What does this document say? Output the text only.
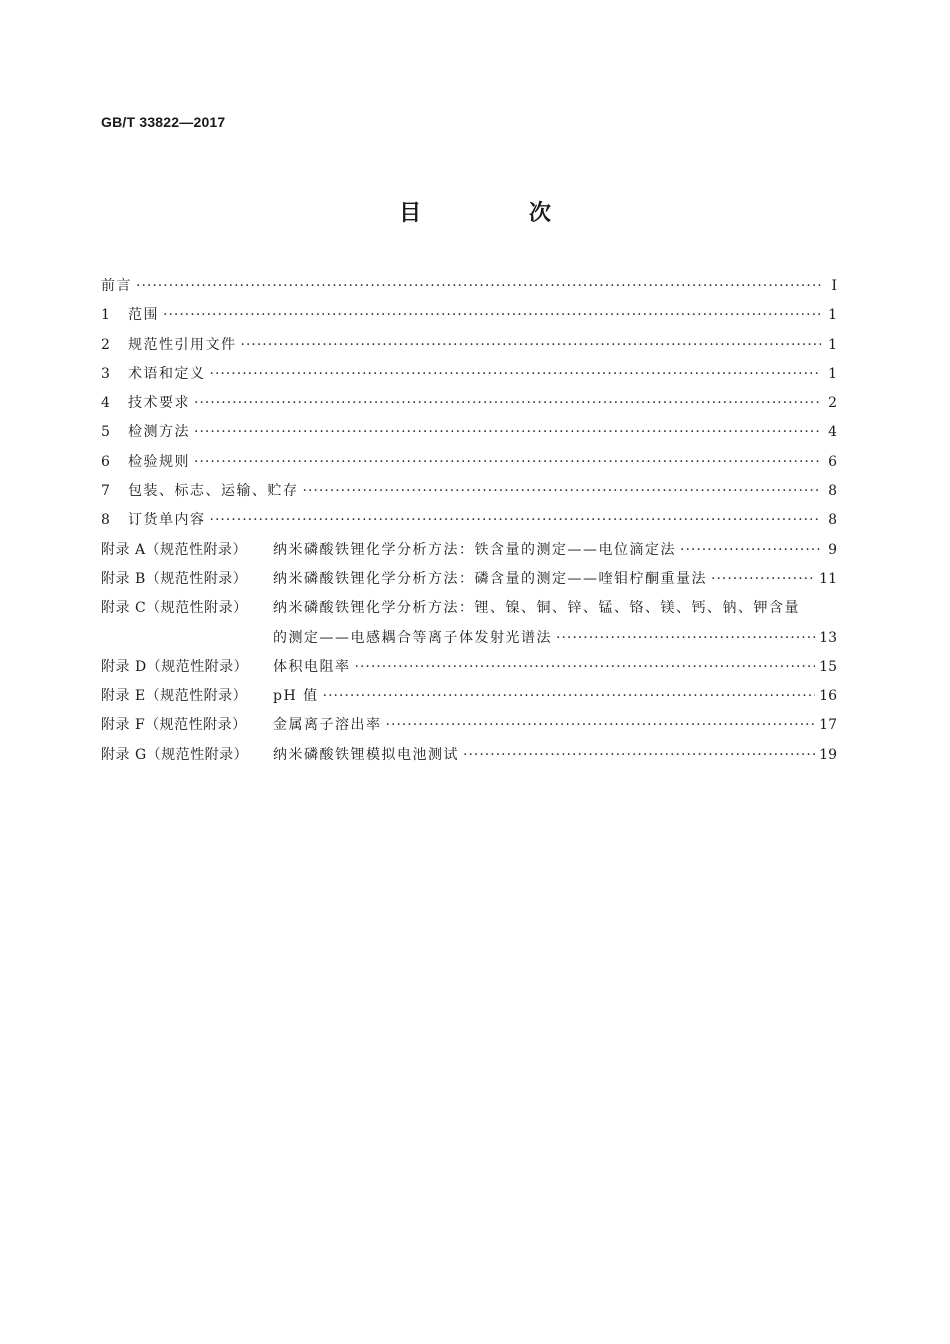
GB/T 33822—2017
目 次
前言 ·····	Ⅰ
1	范围 ·····	1
2	规范性引用文件 ·····	1
3	术语和定义 ·····	1
4	技术要求 ·····	2
5	检测方法 ·····	4
6	检验规则 ·····	6
7	包装、标志、运输、贮存 ·····	8
8	订货单内容 ·····	8
附录 A（规范性附录）	纳米磷酸铁锂化学分析方法：铁含量的测定——电位滴定法 ·····	9
附录 B（规范性附录）	纳米磷酸铁锂化学分析方法：磷含量的测定——喹钼柠酮重量法 ·····	11
附录 C（规范性附录）	纳米磷酸铁锂化学分析方法：锂、镍、铜、锌、锰、铬、镁、钙、钠、钾含量
的测定——电感耦合等离子体发射光谱法 ·····	13
附录 D（规范性附录）	体积电阻率 ·····	15
附录 E（规范性附录）	pH 值 ·····	16
附录 F（规范性附录）	金属离子溶出率 ·····	17
附录 G（规范性附录）	纳米磷酸铁锂模拟电池测试 ·····	19
